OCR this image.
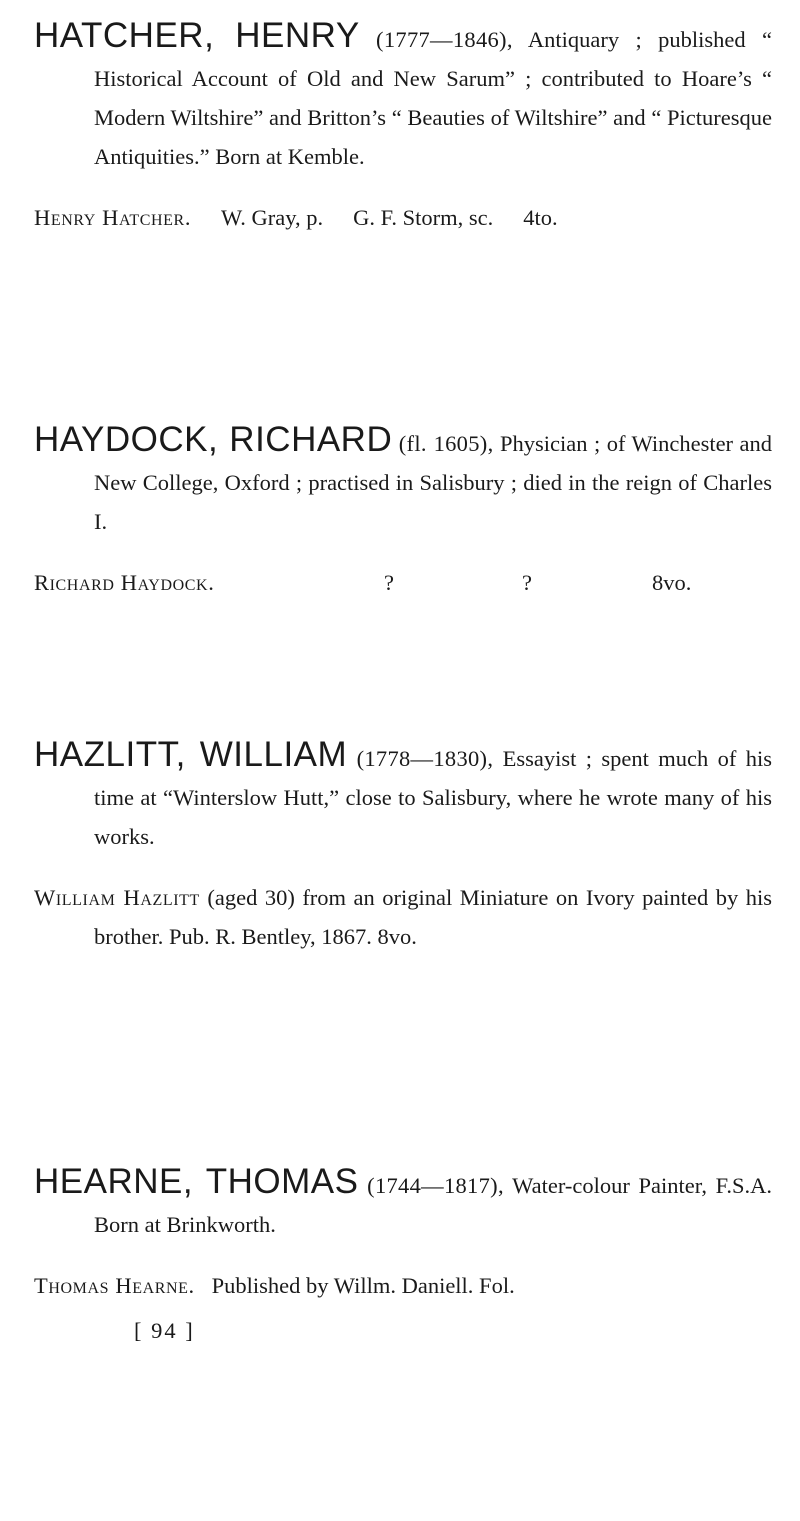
HATCHER, HENRY (1777—1846), Antiquary ; published “ Historical Account of Old and New Sarum” ; contributed to Hoare’s “ Modern Wiltshire” and Britton’s “ Beauties of Wiltshire” and “ Picturesque Antiquities.” Born at Kemble.

Henry Hatcher. W. Gray, p. G. F. Storm, sc. 4to.

HAYDOCK, RICHARD (fl. 1605), Physician ; of Winchester and New College, Oxford ; practised in Salisbury ; died in the reign of Charles I.

Richard Haydock.	?	?	8vo.

HAZLITT, WILLIAM (1778—1830), Essayist ; spent much of his time at “Winterslow Hutt,” close to Salisbury, where he wrote many of his works.

William Hazlitt (aged 30) from an original Miniature on Ivory painted by his brother. Pub. R. Bentley, 1867. 8vo.

HEARNE, THOMAS (1744—1817), Water-colour Painter, F.S.A. Born at Brinkworth.

Thomas Hearne. Published by Willm. Daniell. Fol.

[ 94 ]
